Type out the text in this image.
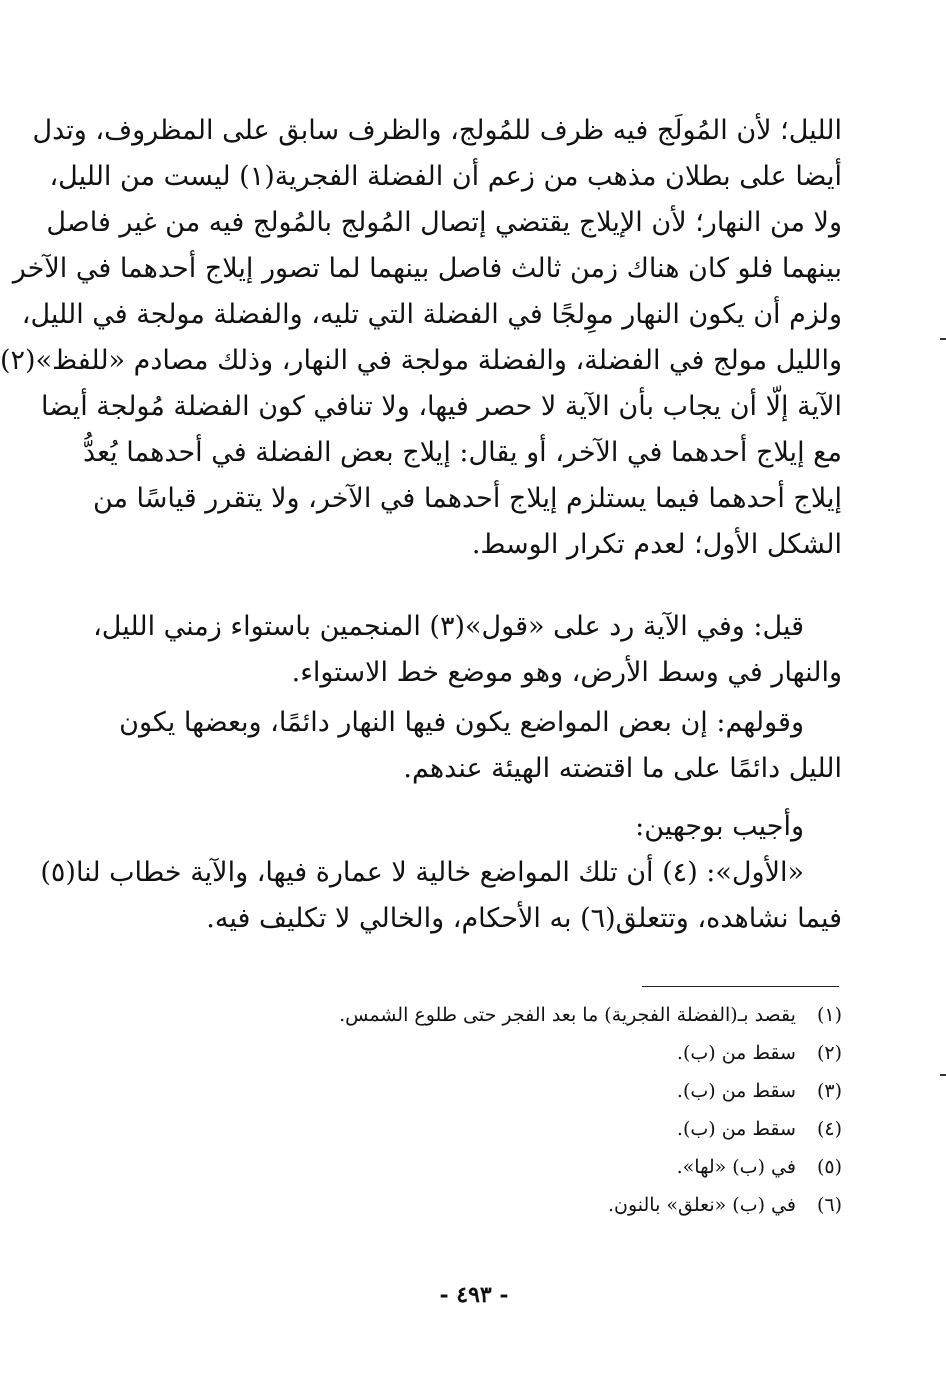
الليل؛ لأن المُولَج فيه ظرف للمُولج، والظرف سابق على المظروف، وتدل
أيضا على بطلان مذهب من زعم أن الفضلة الفجرية(١) ليست من الليل،
ولا من النهار؛ لأن الإيلاج يقتضي إتصال المُولج بالمُولج فيه من غير فاصل
بينهما فلو كان هناك زمن ثالث فاصل بينهما لما تصور إيلاج أحدهما في الآخر
ولزم أن يكون النهار موِلجًا في الفضلة التي تليه، والفضلة مولجة في الليل،
والليل مولج في الفضلة، والفضلة مولجة في النهار، وذلك مصادم «للفظ»(٢)
الآية إلّا أن يجاب بأن الآية لا حصر فيها، ولا تنافي كون الفضلة مُولجة أيضا
مع إيلاج أحدهما في الآخر، أو يقال: إيلاج بعض الفضلة في أحدهما يُعدُّ
إيلاج أحدهما فيما يستلزم إيلاج أحدهما في الآخر، ولا يتقرر قياسًا من
الشكل الأول؛ لعدم تكرار الوسط.
قيل: وفي الآية رد على «قول»(٣) المنجمين باستواء زمني الليل،
والنهار في وسط الأرض، وهو موضع خط الاستواء.
وقولهم: إن بعض المواضع يكون فيها النهار دائمًا، وبعضها يكون
الليل دائمًا على ما اقتضته الهيئة عندهم.
وأجيب بوجهين:
«الأول»: (٤) أن تلك المواضع خالية لا عمارة فيها، والآية خطاب لنا(٥)
فيما نشاهده، وتتعلق(٦) به الأحكام، والخالي لا تكليف فيه.
(١) يقصد بـ(الفضلة الفجرية) ما بعد الفجر حتى طلوع الشمس.
(٢) سقط من (ب).
(٣) سقط من (ب).
(٤) سقط من (ب).
(٥) في (ب) «لها».
(٦) في (ب) «نعلق» بالنون.
- ٤٩٣ -
